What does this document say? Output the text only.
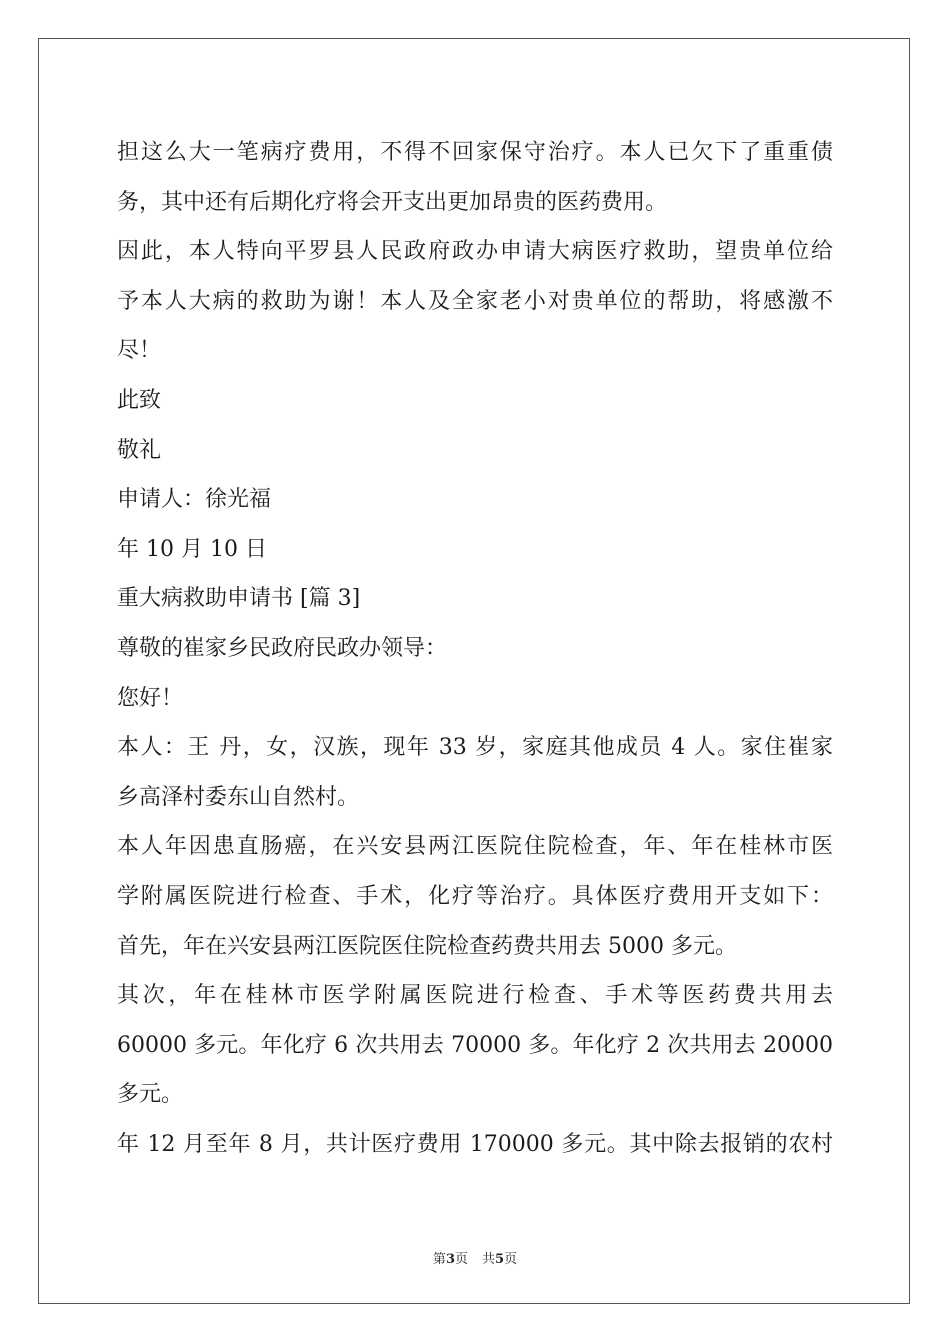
担这么大一笔病疗费用，不得不回家保守治疗。本人已欠下了重重债
务，其中还有后期化疗将会开支出更加昂贵的医药费用。
因此，本人特向平罗县人民政府政办申请大病医疗救助，望贵单位给
予本人大病的救助为谢！本人及全家老小对贵单位的帮助，将感激不
尽！
此致
敬礼
申请人：徐光福
年 10 月 10 日
重大病救助申请书 [篇 3]
尊敬的崔家乡民政府民政办领导：
您好！
本人：王 丹，女，汉族，现年 33 岁，家庭其他成员 4 人。家住崔家
乡高泽村委东山自然村。
本人年因患直肠癌，在兴安县两江医院住院检查，年、年在桂林市医
学附属医院进行检查、手术，化疗等治疗。具体医疗费用开支如下：
首先，年在兴安县两江医院医住院检查药费共用去 5000 多元。
其次，年在桂林市医学附属医院进行检查、手术等医药费共用去
60000 多元。年化疗 6 次共用去 70000 多。年化疗 2 次共用去 20000
多元。
年 12 月至年 8 月，共计医疗费用 170000 多元。其中除去报销的农村
第3页 共5页
